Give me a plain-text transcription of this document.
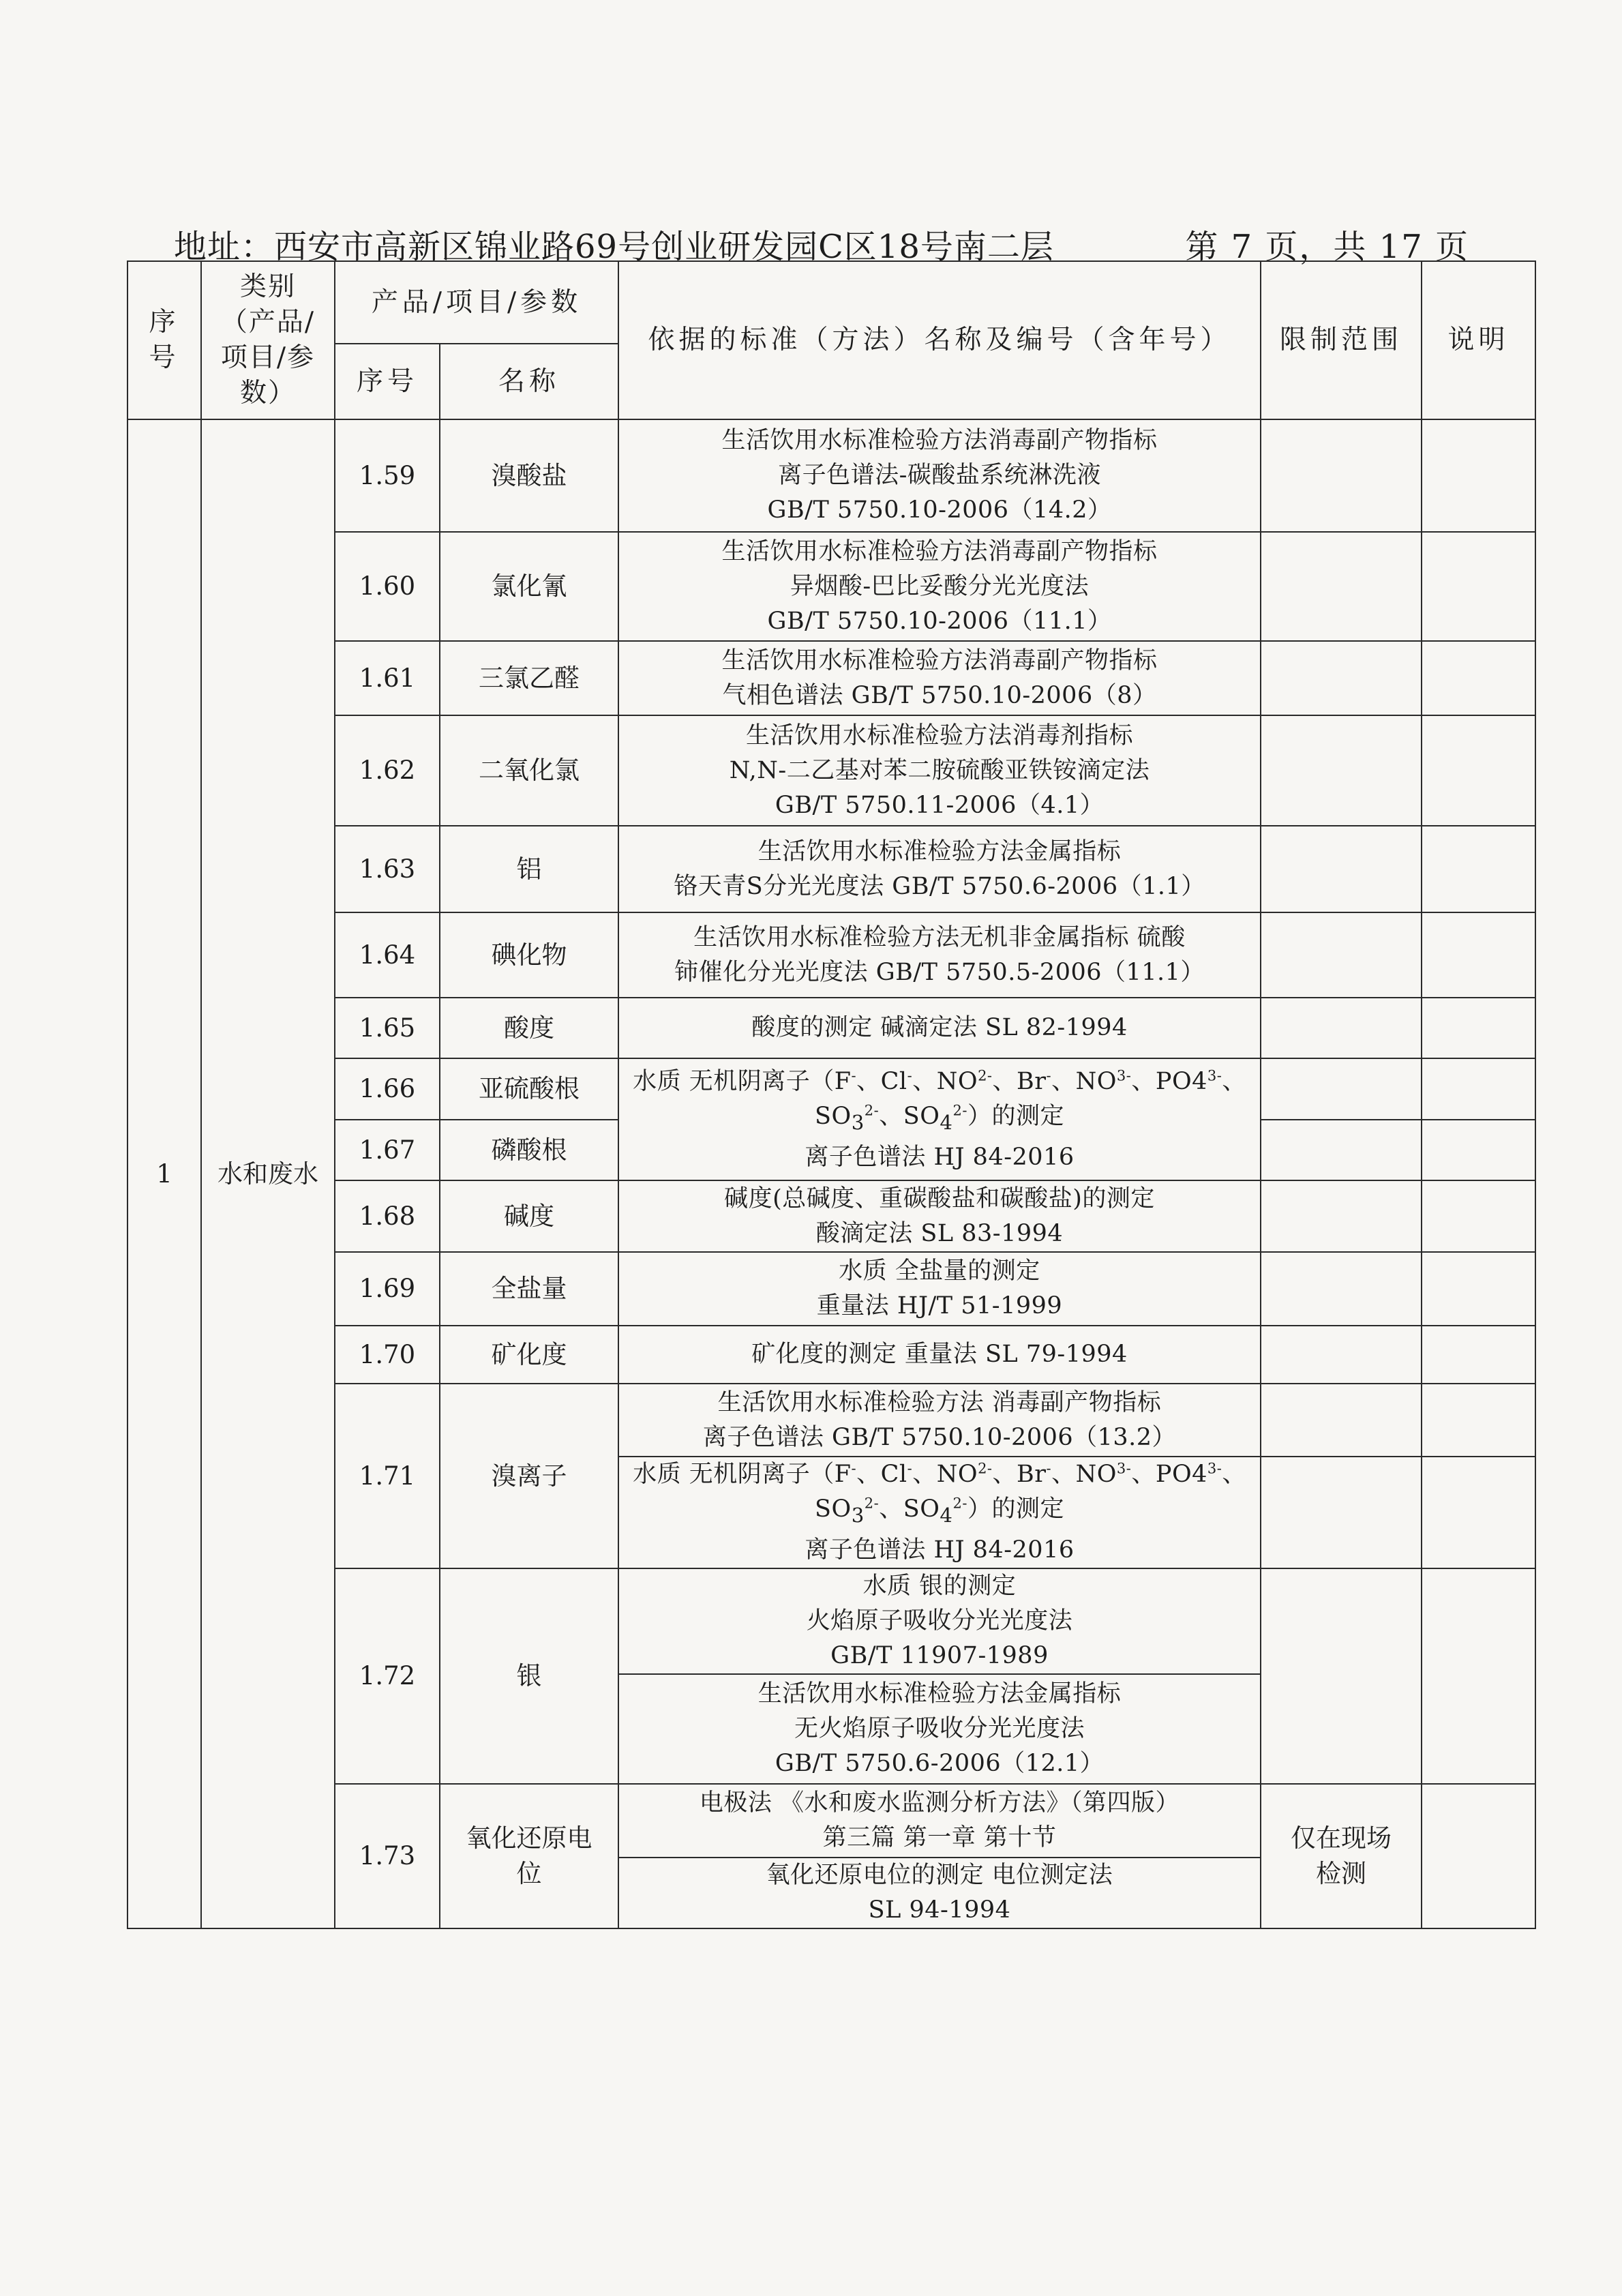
地址：西安市高新区锦业路69号创业研发园C区18号南二层	第 7 页，共 17 页
序
号	类别
（产品/
项目/参
数）	产品/项目/参数		依据的标准（方法）名称及编号（含年号）	限制范围	说明
		序号	名称			
1	水和废水	1.59	溴酸盐	生活饮用水标准检验方法消毒副产物指标
离子色谱法-碳酸盐系统淋洗液
GB/T 5750.10-2006（14.2）		

		1.60	氯化氰	生活饮用水标准检验方法消毒副产物指标
异烟酸-巴比妥酸分光光度法
GB/T 5750.10-2006（11.1）		

		1.61	三氯乙醛	生活饮用水标准检验方法消毒副产物指标
气相色谱法 GB/T 5750.10-2006（8）		

		1.62	二氧化氯	生活饮用水标准检验方法消毒剂指标
N,N-二乙基对苯二胺硫酸亚铁铵滴定法
GB/T 5750.11-2006（4.1）		

		1.63	铝	生活饮用水标准检验方法金属指标
铬天青S分光光度法 GB/T 5750.6-2006（1.1）		

		1.64	碘化物	生活饮用水标准检验方法无机非金属指标 硫酸
铈催化分光光度法 GB/T 5750.5-2006（11.1）		

		1.65	酸度	酸度的测定 碱滴定法 SL 82-1994		

		1.66	亚硫酸根	水质 无机阴离子（F-、Cl-、$NO^{2-}$、Br-、$NO^{3-}$、$PO4^{3-}$、
$SO_3^{2-}$、$SO_4^{2-}$）的测定
离子色谱法 HJ 84-2016		

		1.67	磷酸根			
		1.68	碱度	碱度(总碱度、重碳酸盐和碳酸盐)的测定
酸滴定法 SL 83-1994		

		1.69	全盐量	水质 全盐量的测定
重量法 HJ/T 51-1999		

		1.70	矿化度	矿化度的测定 重量法 SL 79-1994		

		1.71	溴离子	生活饮用水标准检验方法 消毒副产物指标
离子色谱法 GB/T 5750.10-2006（13.2）		

				水质 无机阴离子（F-、Cl-、$NO^{2-}$、Br-、$NO^{3-}$、$PO4^{3-}$、
$SO_3^{2-}$、$SO_4^{2-}$）的测定
离子色谱法 HJ 84-2016		

		1.72	银	水质 银的测定
火焰原子吸收分光光度法
GB/T 11907-1989		

				生活饮用水标准检验方法金属指标
无火焰原子吸收分光光度法
GB/T 5750.6-2006（12.1）		

		1.73	氧化还原电
位	电极法 《水和废水监测分析方法》（第四版）
第三篇 第一章 第十节	仅在现场
检测	

				氧化还原电位的测定 电位测定法
SL 94-1994		
